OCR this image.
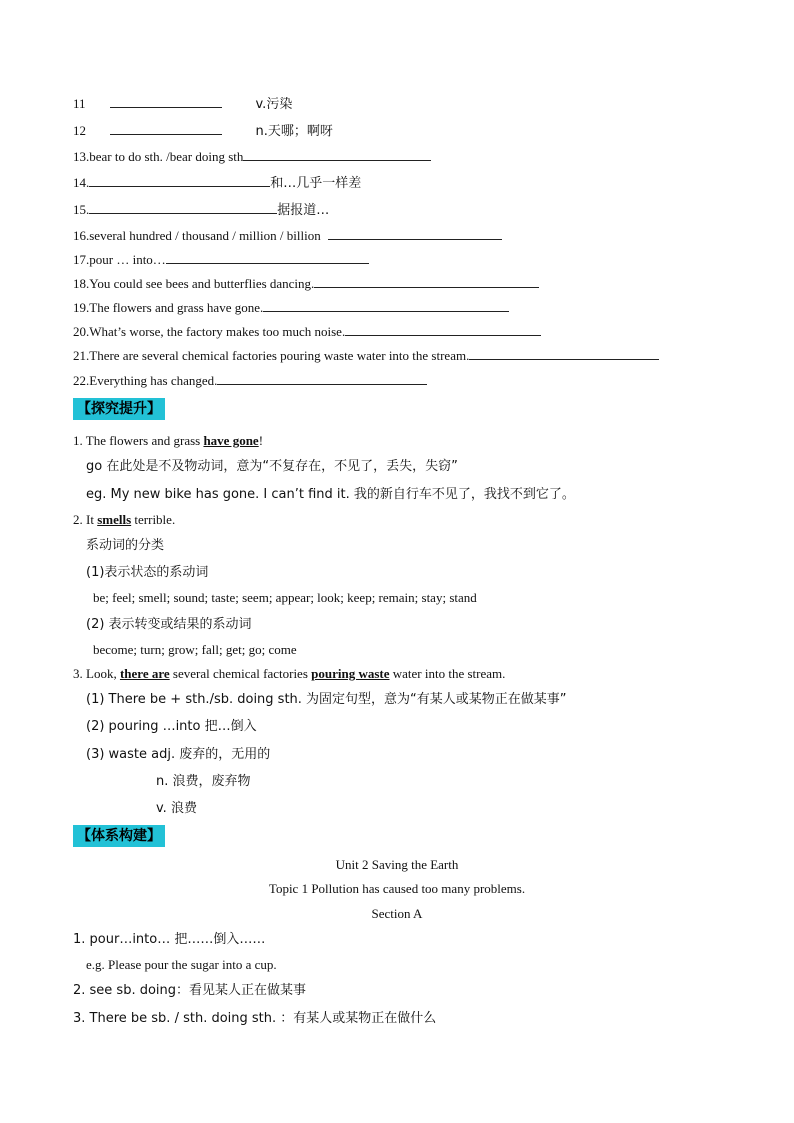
11	v.污染
12	n.天哪；啊呀
13.bear to do sth. /bear doing sth
14.	和…几乎一样差
15.	据报道…
16.several hundred / thousand / million / billion
17.pour … into…
18.You could see bees and butterflies dancing.
19.The flowers and grass have gone.
20.What’s worse, the factory makes too much noise.
21.There are several chemical factories pouring waste water into the stream.
22.Everything has changed.
【探究提升】
1. The flowers and grass have gone!
go 在此处是不及物动词，意为“不复存在，不见了，丢失，失窃”
eg. My new bike has gone. I can’t find it. 我的新自行车不见了，我找不到它了。
2. It smells terrible.
系动词的分类
(1)表示状态的系动词
be; feel; smell; sound; taste; seem; appear; look; keep; remain; stay; stand
(2) 表示转变或结果的系动词
become; turn; grow; fall; get; go; come
3. Look, there are several chemical factories pouring waste water into the stream.
(1) There be + sth./sb. doing sth. 为固定句型，意为“有某人或某物正在做某事”
(2) pouring …into 把…倒入
(3) waste adj. 废弃的，无用的
n. 浪费，废弃物
v. 浪费
【体系构建】
Unit 2 Saving the Earth
Topic 1 Pollution has caused too many problems.
Section A
1. pour…into… 把……倒入……
e.g. Please pour the sugar into a cup.
2. see sb. doing：看见某人正在做某事
3. There be sb. / sth. doing sth. ：有某人或某物正在做什么
